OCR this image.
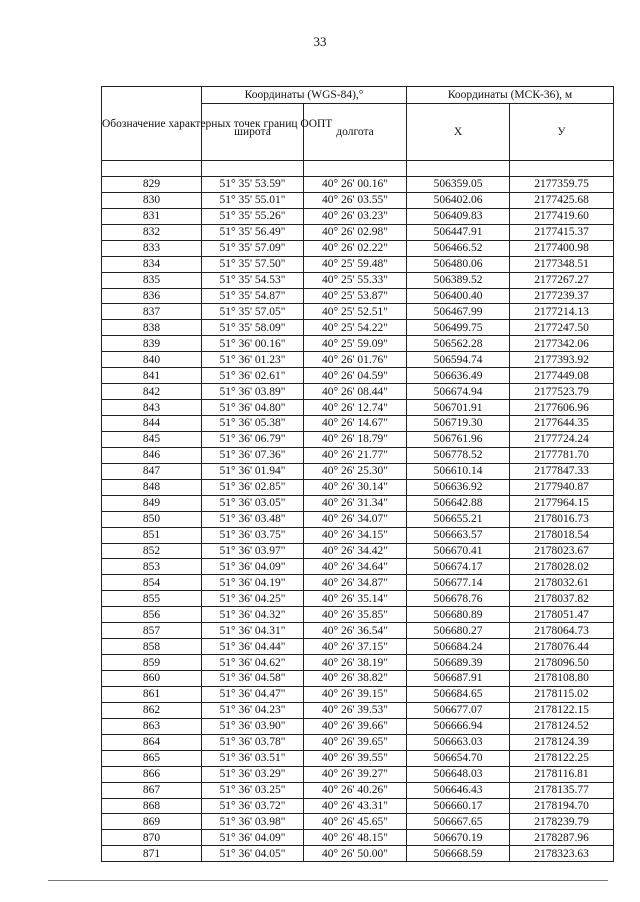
33
Обозначение характерных точек границ ООПТ	Координаты (WGS-84),°		Координаты (МСК-36), м	
	широта	долгота	X	У

829	51° 35' 53.59"	40° 26' 00.16"	506359.05	2177359.75
830	51° 35' 55.01"	40° 26' 03.55"	506402.06	2177425.68
831	51° 35' 55.26"	40° 26' 03.23"	506409.83	2177419.60
832	51° 35' 56.49"	40° 26' 02.98"	506447.91	2177415.37
833	51° 35' 57.09"	40° 26' 02.22"	506466.52	2177400.98
834	51° 35' 57.50"	40° 25' 59.48"	506480.06	2177348.51
835	51° 35' 54.53"	40° 25' 55.33"	506389.52	2177267.27
836	51° 35' 54.87"	40° 25' 53.87"	506400.40	2177239.37
837	51° 35' 57.05"	40° 25' 52.51"	506467.99	2177214.13
838	51° 35' 58.09"	40° 25' 54.22"	506499.75	2177247.50
839	51° 36' 00.16"	40° 25' 59.09"	506562.28	2177342.06
840	51° 36' 01.23"	40° 26' 01.76"	506594.74	2177393.92
841	51° 36' 02.61"	40° 26' 04.59"	506636.49	2177449.08
842	51° 36' 03.89"	40° 26' 08.44"	506674.94	2177523.79
843	51° 36' 04.80"	40° 26' 12.74"	506701.91	2177606.96
844	51° 36' 05.38"	40° 26' 14.67"	506719.30	2177644.35
845	51° 36' 06.79"	40° 26' 18.79"	506761.96	2177724.24
846	51° 36' 07.36"	40° 26' 21.77"	506778.52	2177781.70
847	51° 36' 01.94"	40° 26' 25.30"	506610.14	2177847.33
848	51° 36' 02.85"	40° 26' 30.14"	506636.92	2177940.87
849	51° 36' 03.05"	40° 26' 31.34"	506642.88	2177964.15
850	51° 36' 03.48"	40° 26' 34.07"	506655.21	2178016.73
851	51° 36' 03.75"	40° 26' 34.15"	506663.57	2178018.54
852	51° 36' 03.97"	40° 26' 34.42"	506670.41	2178023.67
853	51° 36' 04.09"	40° 26' 34.64"	506674.17	2178028.02
854	51° 36' 04.19"	40° 26' 34.87"	506677.14	2178032.61
855	51° 36' 04.25"	40° 26' 35.14"	506678.76	2178037.82
856	51° 36' 04.32"	40° 26' 35.85"	506680.89	2178051.47
857	51° 36' 04.31"	40° 26' 36.54"	506680.27	2178064.73
858	51° 36' 04.44"	40° 26' 37.15"	506684.24	2178076.44
859	51° 36' 04.62"	40° 26' 38.19"	506689.39	2178096.50
860	51° 36' 04.58"	40° 26' 38.82"	506687.91	2178108.80
861	51° 36' 04.47"	40° 26' 39.15"	506684.65	2178115.02
862	51° 36' 04.23"	40° 26' 39.53"	506677.07	2178122.15
863	51° 36' 03.90"	40° 26' 39.66"	506666.94	2178124.52
864	51° 36' 03.78"	40° 26' 39.65"	506663.03	2178124.39
865	51° 36' 03.51"	40° 26' 39.55"	506654.70	2178122.25
866	51° 36' 03.29"	40° 26' 39.27"	506648.03	2178116.81
867	51° 36' 03.25"	40° 26' 40.26"	506646.43	2178135.77
868	51° 36' 03.72"	40° 26' 43.31"	506660.17	2178194.70
869	51° 36' 03.98"	40° 26' 45.65"	506667.65	2178239.79
870	51° 36' 04.09"	40° 26' 48.15"	506670.19	2178287.96
871	51° 36' 04.05"	40° 26' 50.00"	506668.59	2178323.63
